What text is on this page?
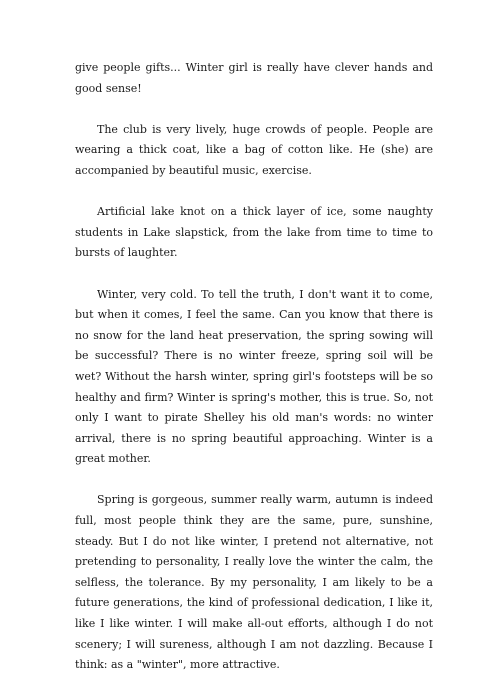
give people gifts... Winter girl is really have clever hands and good sense!

The club is very lively, huge crowds of people. People are wearing a thick coat, like a bag of cotton like. He (she) are accompanied by beautiful music, exercise.

Artificial lake knot on a thick layer of ice, some naughty students in Lake slapstick, from the lake from time to time to bursts of laughter.

Winter, very cold. To tell the truth, I don't want it to come, but when it comes, I feel the same. Can you know that there is no snow for the land heat preservation, the spring sowing will be successful? There is no winter freeze, spring soil will be wet? Without the harsh winter, spring girl's footsteps will be so healthy and firm? Winter is spring's mother, this is true. So, not only I want to pirate Shelley his old man's words: no winter arrival, there is no spring beautiful approaching. Winter is a great mother.

Spring is gorgeous, summer really warm, autumn is indeed full, most people think they are the same, pure, sunshine, steady. But I do not like winter, I pretend not alternative, not pretending to personality, I really love the winter the calm, the selfless, the tolerance. By my personality, I am likely to be a future generations, the kind of professional dedication, I like it, like I like winter. I will make all-out efforts, although I do not scenery; I will sureness, although I am not dazzling. Because I think: as a "winter", more attractive.
